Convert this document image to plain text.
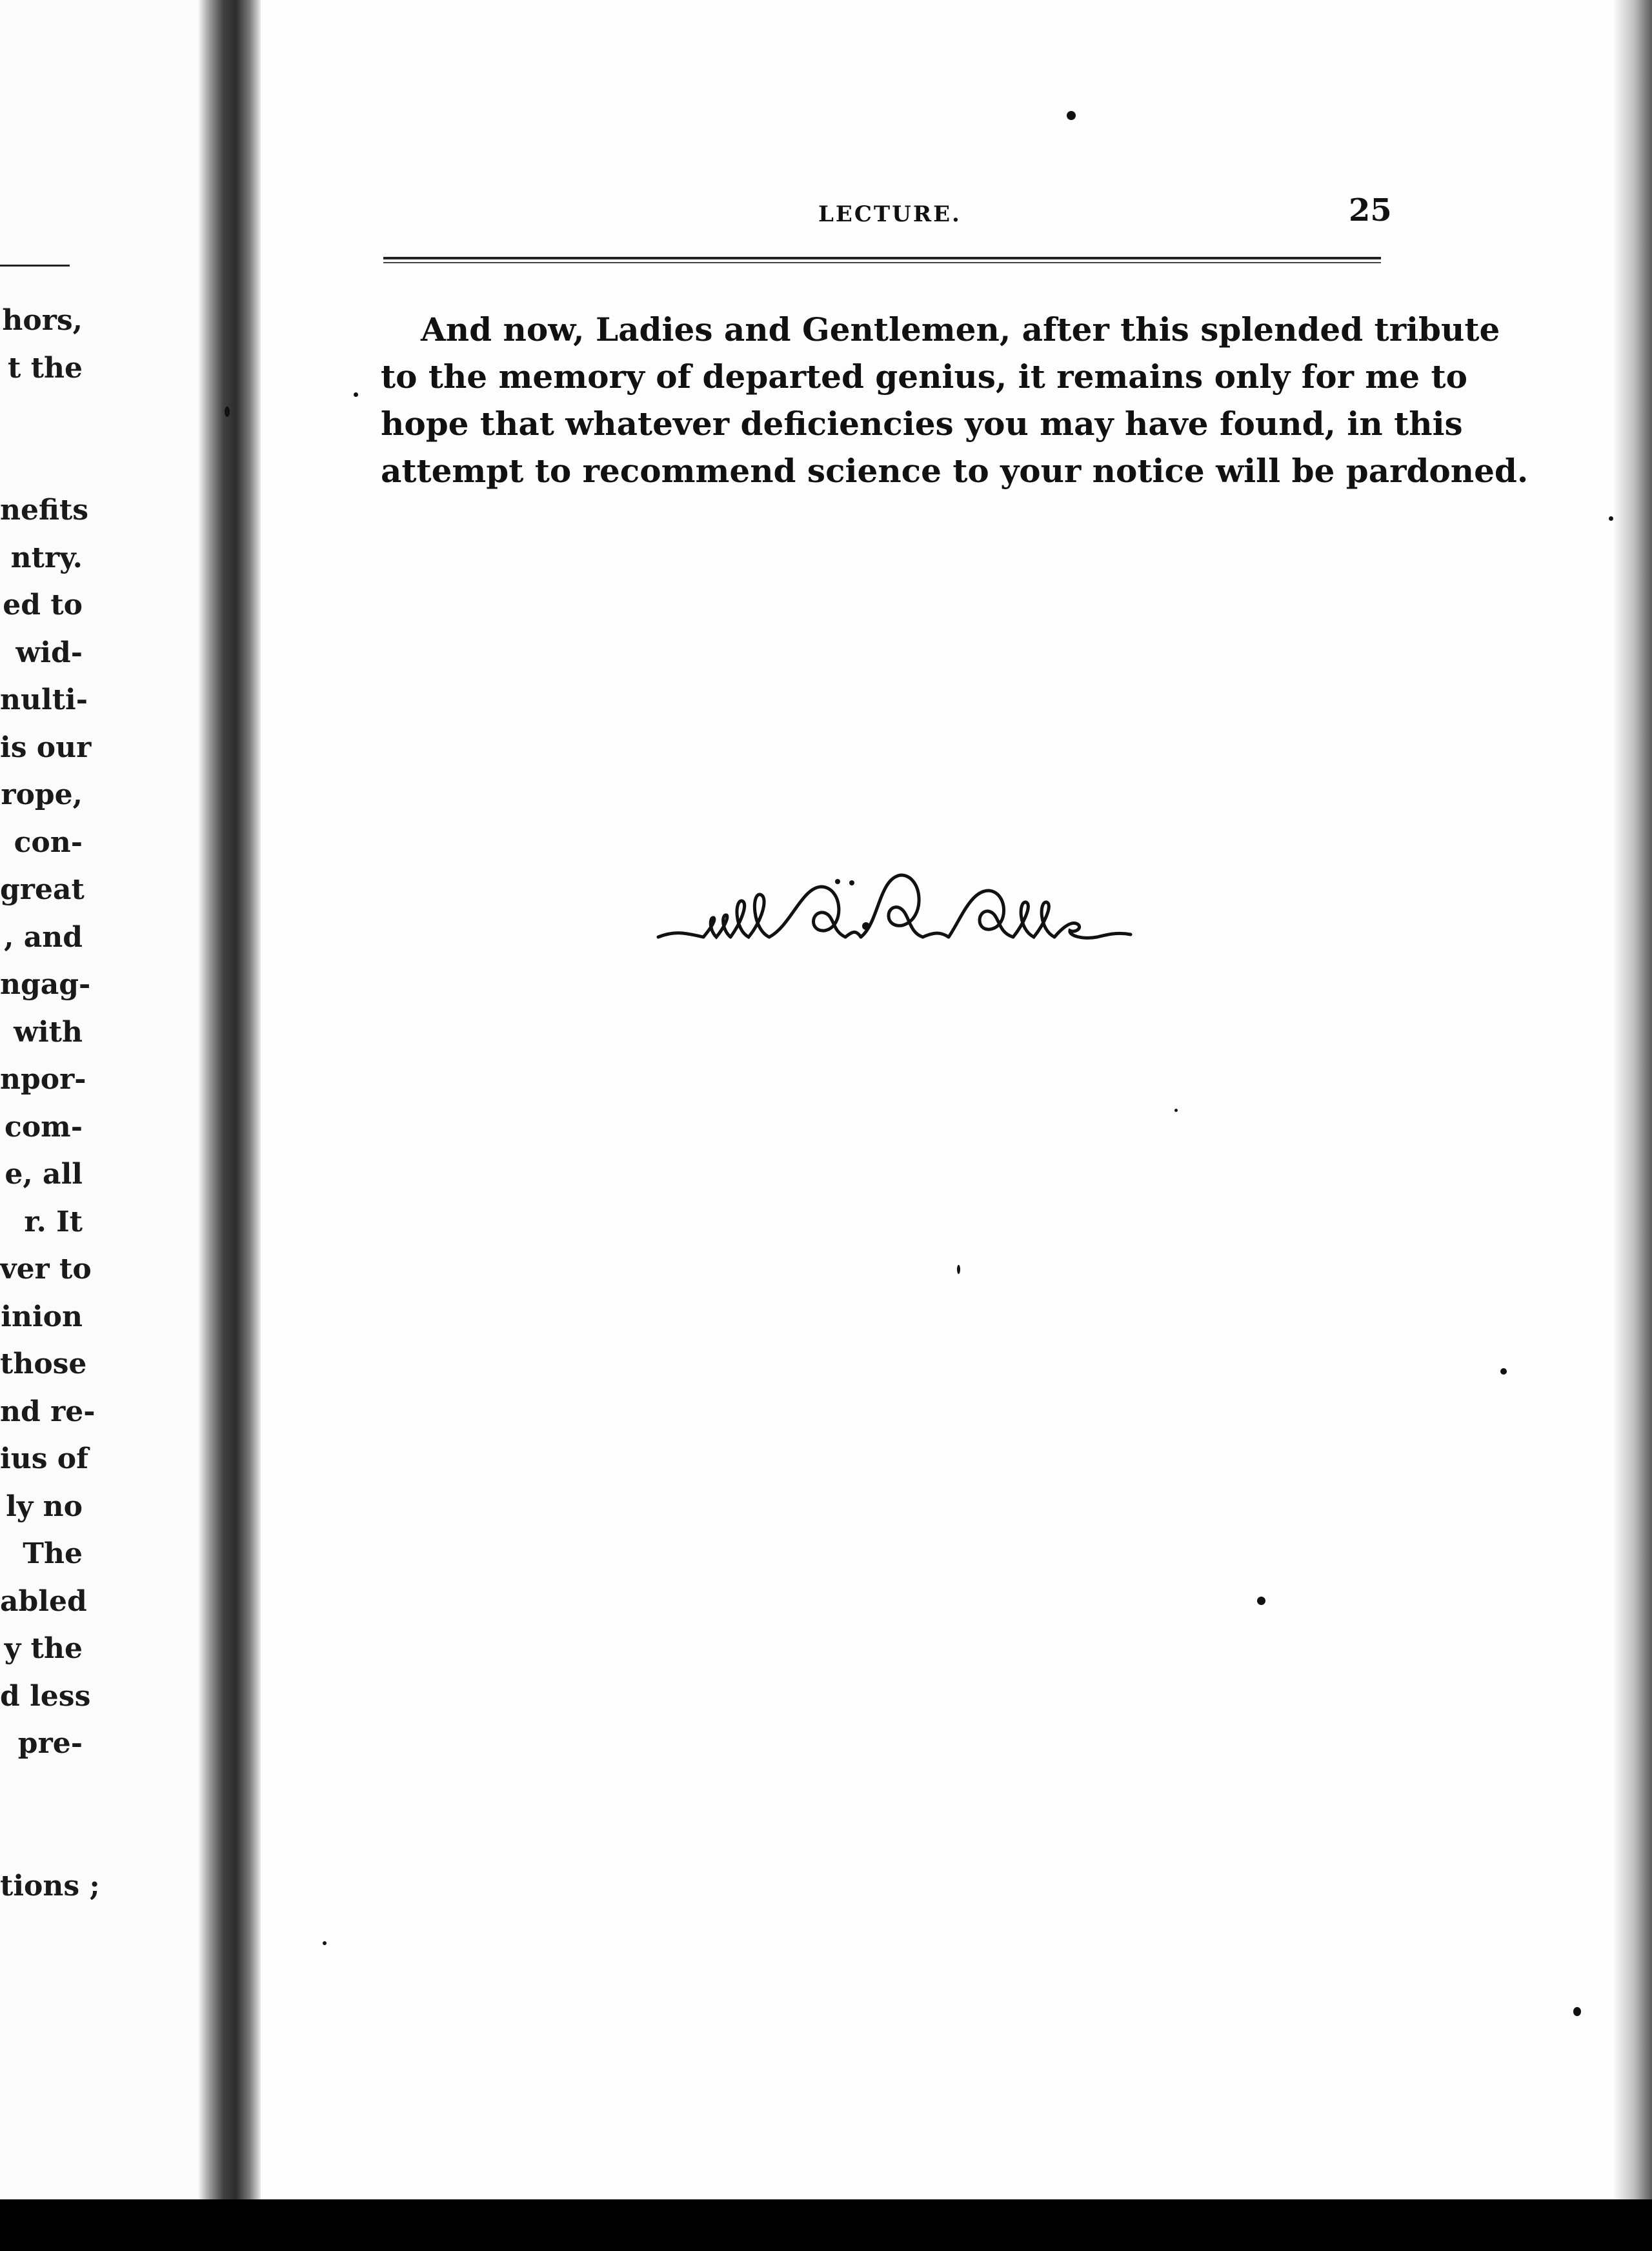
hors,
t the
nefits
ntry.
ed to
wid-
nulti-
is our
rope,
con-
great
, and
ngag-
with
npor-
com-
e, all
r. It
ver to
inion
those
nd re-
ius of
ly no
The
abled
y the
d less
pre-
tions ;
LECTURE.	25
And now, Ladies and Gentlemen, after this splended tribute
to the memory of departed genius, it remains only for me to
hope that whatever deficiencies you may have found, in this
attempt to recommend science to your notice will be pardoned.
